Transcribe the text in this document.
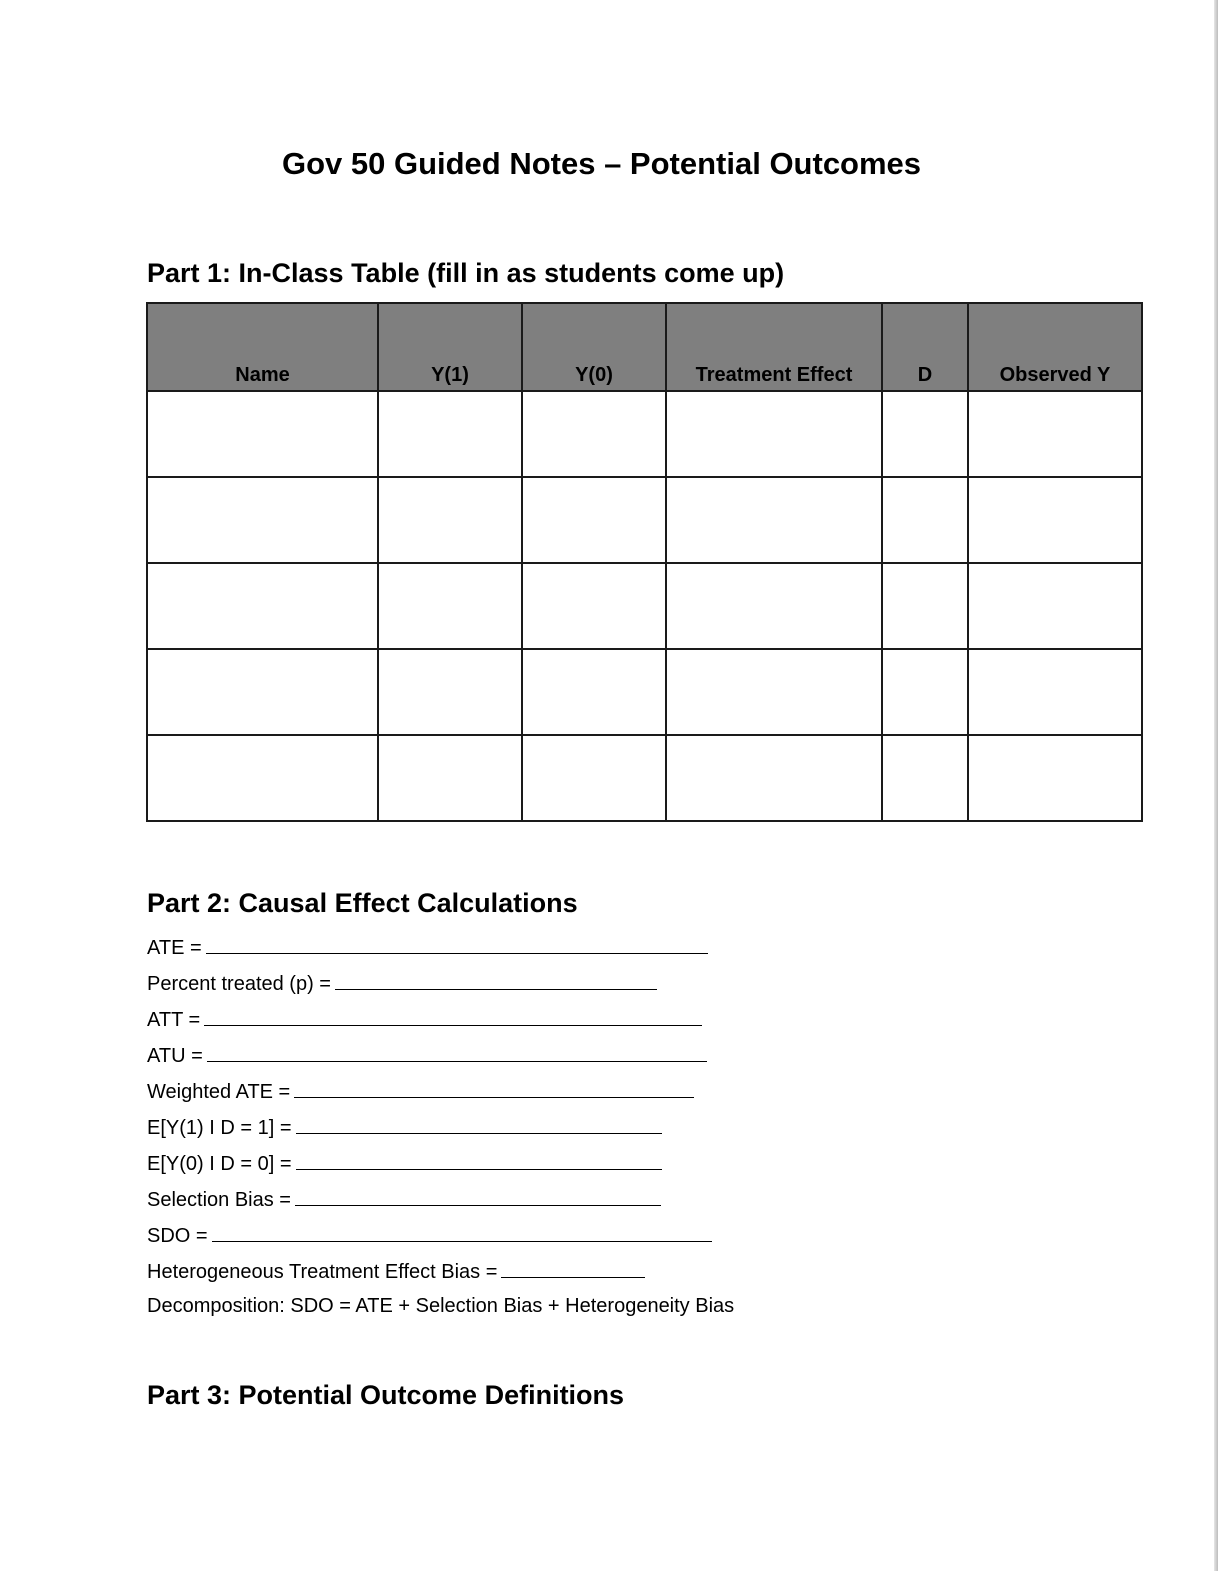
Gov 50 Guided Notes – Potential Outcomes
Part 1: In-Class Table (fill in as students come up)
Name	Y(1)	Y(0)	Treatment Effect	D	Observed Y

Part 2: Causal Effect Calculations
ATE =
Percent treated (p) =
ATT =
ATU =
Weighted ATE =
E[Y(1) I D = 1] =
E[Y(0) I D = 0] =
Selection Bias =
SDO =
Heterogeneous Treatment Effect Bias =
Decomposition: SDO = ATE + Selection Bias + Heterogeneity Bias
Part 3: Potential Outcome Definitions
